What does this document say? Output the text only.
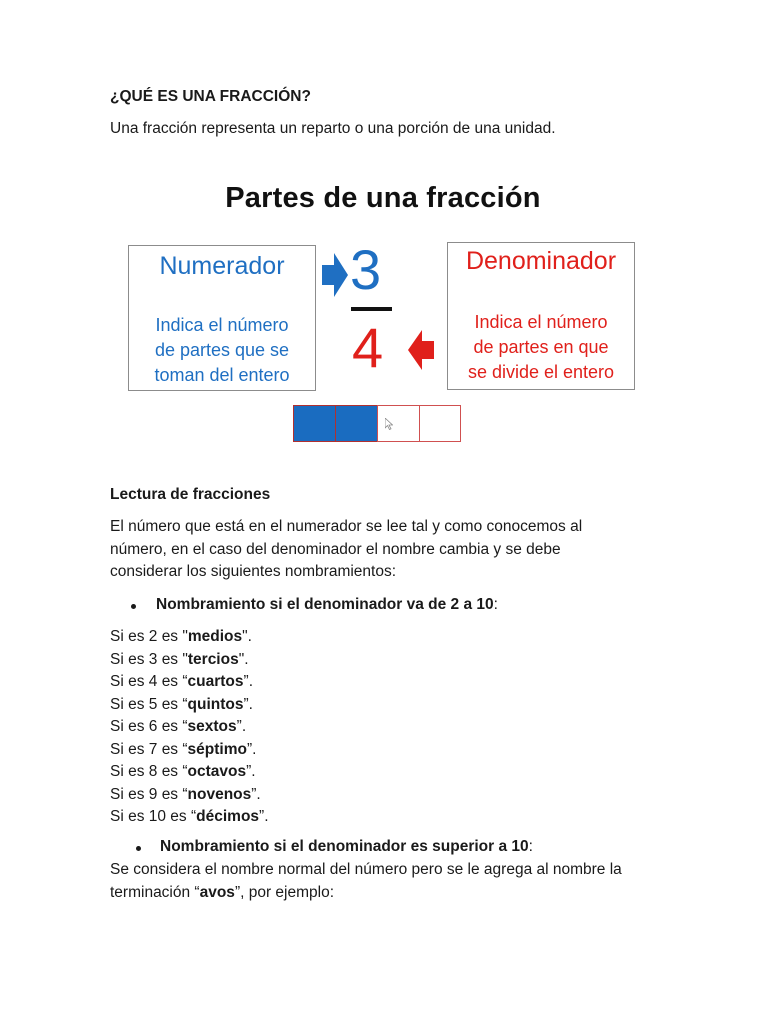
¿QUÉ ES UNA FRACCIÓN?
Una fracción representa un reparto o una porción de una unidad.
Partes de una fracción
Numerador
Indica el número
de partes que se
toman del entero
3
4
Denominador
Indica el número
de partes en que
se divide el entero
Lectura de fracciones
El número que está en el numerador se lee tal y como conocemos al
número, en el caso del denominador el nombre cambia y se debe
considerar los siguientes nombramientos:
Nombramiento si el denominador va de 2 a 10:
Si es 2 es "medios".
Si es 3 es "tercios".
Si es 4 es “cuartos”.
Si es 5 es “quintos”.
Si es 6 es “sextos”.
Si es 7 es “séptimo”.
Si es 8 es “octavos”.
Si es 9 es “novenos”.
Si es 10 es “décimos”.
Nombramiento si el denominador es superior a 10:
Se considera el nombre normal del número pero se le agrega al nombre la
terminación “avos”, por ejemplo:
